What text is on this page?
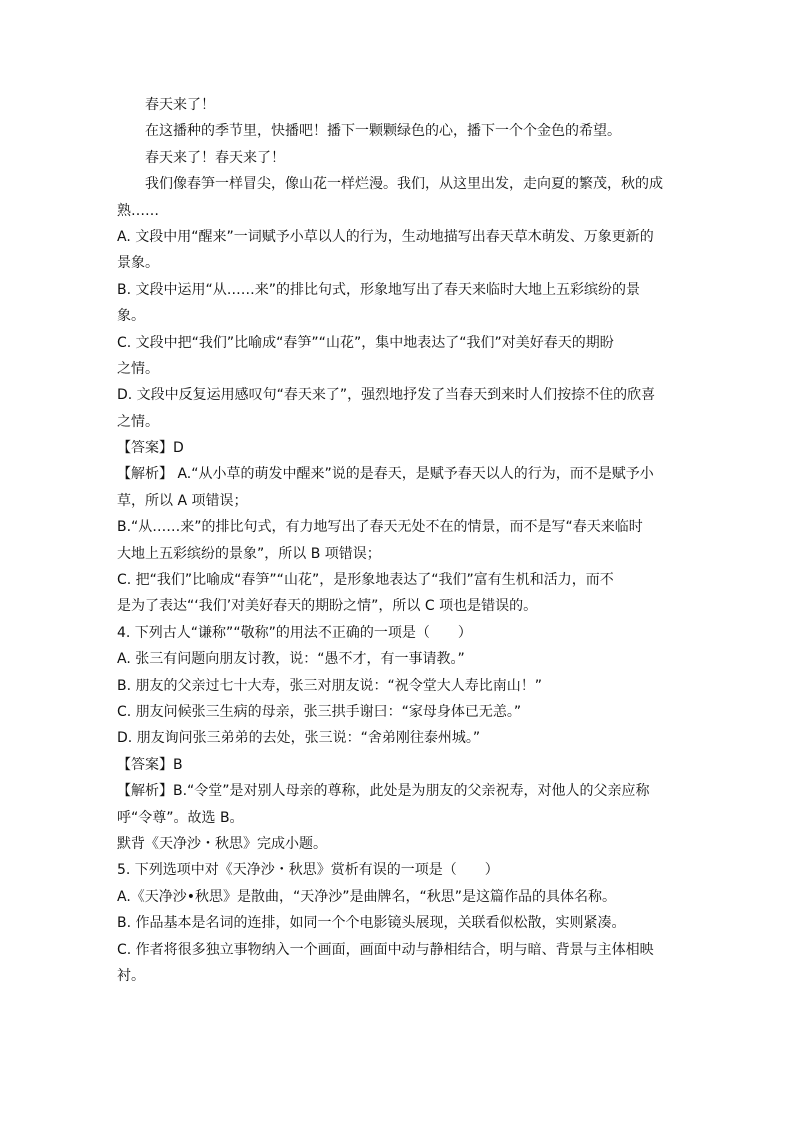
春天来了！
在这播种的季节里，快播吧！播下一颗颗绿色的心，播下一个个金色的希望。
春天来了！春天来了！
我们像春笋一样冒尖，像山花一样烂漫。我们，从这里出发，走向夏的繁茂，秋的成
熟……
A. 文段中用“醒来”一词赋予小草以人的行为，生动地描写出春天草木萌发、万象更新的
景象。
B. 文段中运用“从……来”的排比句式，形象地写出了春天来临时大地上五彩缤纷的景
象。
C. 文段中把“我们”比喻成“春笋”“山花”，集中地表达了“我们”对美好春天的期盼
之情。
D. 文段中反复运用感叹句“春天来了”，强烈地抒发了当春天到来时人们按捺不住的欣喜
之情。
【答案】D
【解析】 A.“从小草的萌发中醒来”说的是春天，是赋予春天以人的行为，而不是赋予小
草，所以 A 项错误；
B.“从……来”的排比句式，有力地写出了春天无处不在的情景，而不是写“春天来临时
大地上五彩缤纷的景象”，所以 B 项错误；
C. 把“我们”比喻成“春笋”“山花”，是形象地表达了“我们”富有生机和活力，而不
是为了表达“‘我们’对美好春天的期盼之情”，所以 C 项也是错误的。
4. 下列古人“谦称”“敬称”的用法不正确的一项是（　　）
A. 张三有问题向朋友讨教，说：“愚不才，有一事请教。”
B. 朋友的父亲过七十大寿，张三对朋友说：“祝令堂大人寿比南山！”
C. 朋友问候张三生病的母亲，张三拱手谢曰：“家母身体已无恙。”
D. 朋友询问张三弟弟的去处，张三说：“舍弟刚往泰州城。”
【答案】B
【解析】B.“令堂”是对别人母亲的尊称，此处是为朋友的父亲祝寿，对他人的父亲应称
呼“令尊”。故选 B。
默背《天净沙・秋思》完成小题。
5. 下列选项中对《天净沙・秋思》赏析有误的一项是（　　）
A.《天净沙•秋思》是散曲，“天净沙”是曲牌名，“秋思”是这篇作品的具体名称。
B. 作品基本是名词的连排，如同一个个电影镜头展现，关联看似松散，实则紧凑。
C. 作者将很多独立事物纳入一个画面，画面中动与静相结合，明与暗、背景与主体相映
衬。
